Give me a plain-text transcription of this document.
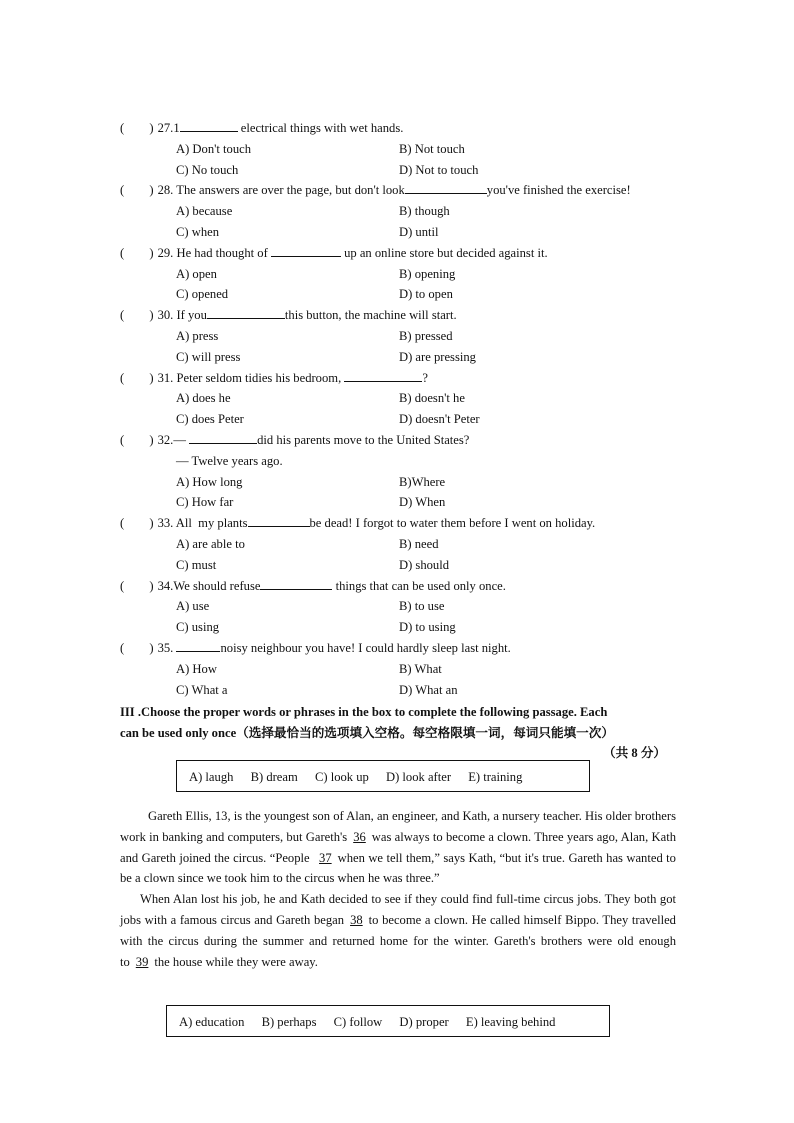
(　　) 27.1	electrical things with wet hands.
A) Don't touch	B) Not touch
C) No touch	D) Not to touch
(　　) 28. The answers are over the page, but don't look	you've finished the exercise!
A) because	B) though
C) when	D) until
(　　) 29. He had thought of	up an online store but decided against it.
A) open	B) opening
C) opened	D) to open
(　　) 30. If you	this button, the machine will start.
A) press	B) pressed
C) will press	D) are pressing
(　　) 31. Peter seldom tidies his bedroom,	?
A) does he	B) doesn't he
C) does Peter	D) doesn't Peter
(　　) 32.—	did his parents move to the United States?
— Twelve years ago.
A) How long	B)Where
C) How far	D) When
(　　) 33. All  my plants	be dead! I forgot to water them before I went on holiday.
A) are able to	B) need
C) must	D) should
(　　) 34.We should refuse	things that can be used only once.
A) use	B) to use
C) using	D) to using
(　　) 35.	noisy neighbour you have! I could hardly sleep last night.
A) How	B) What
C) What a	D) What an
III .Choose the proper words or phrases in the box to complete the following passage. Each
can be used only once（选择最恰当的选项填入空格。每空格限填一词，每词只能填一次）
（共 8 分）
A) laugh B) dream C) look up D) look after E) training

Gareth Ellis, 13, is the youngest son of Alan, an engineer, and Kath, a nursery teacher. His older brothers work in banking and computers, but Gareth's 36 was always to become a clown. Three years ago, Alan, Kath and Gareth joined the circus. “People 37 when we tell them,” says Kath, “but it's true. Gareth has wanted to be a clown since we took him to the circus when he was three.”

When Alan lost his job, he and Kath decided to see if they could find full-time circus jobs. They both got jobs with a famous circus and Gareth began 38 to become a clown. He called himself Bippo. They travelled with the circus during the summer and returned home for the winter. Gareth's brothers were old enough to 39 the house while they were away.

A) education B) perhaps C) follow D) proper E) leaving behind
